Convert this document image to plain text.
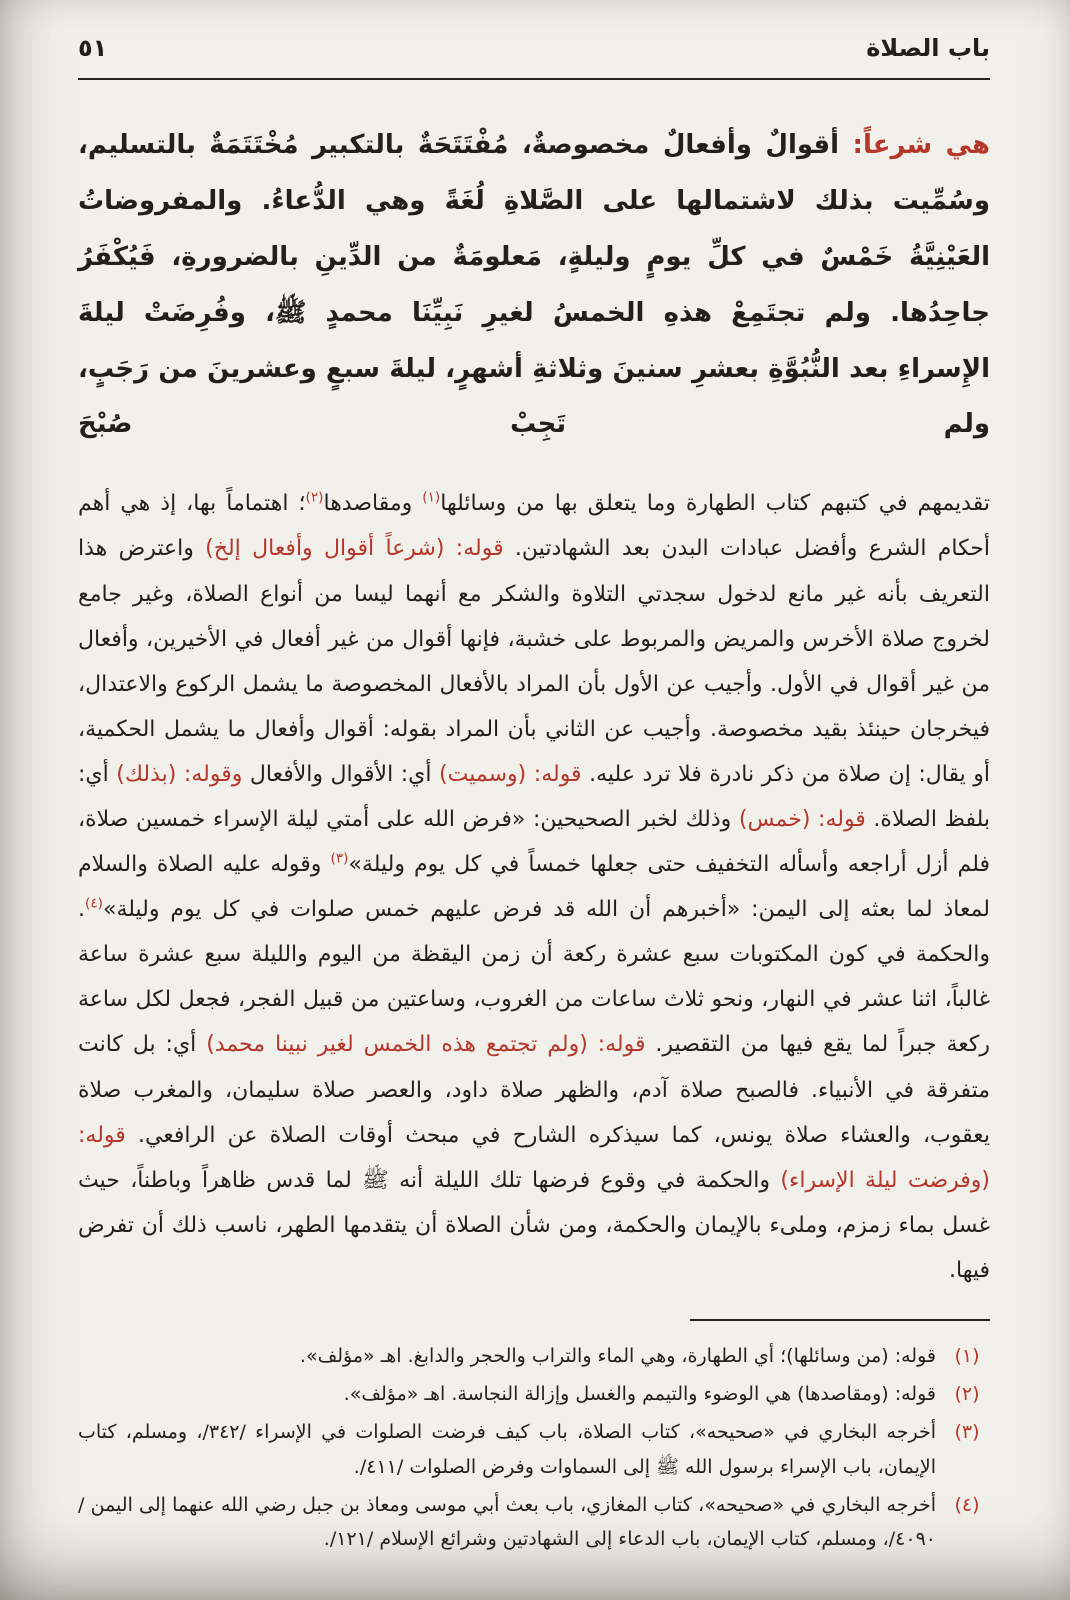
باب الصلاة
٥١

هي شرعاً: أقوالٌ وأفعالٌ مخصوصةٌ، مُفْتَتَحَةٌ بالتكبير مُخْتَتَمَةٌ بالتسليم، وسُمِّيت بذلك لاشتمالها على الصَّلاةِ لُغَةً وهي الدُّعاءُ. والمفروضاتُ العَيْنِيَّةُ خَمْسٌ في كلِّ يومٍ وليلةٍ، مَعلومَةٌ من الدِّينِ بالضرورةِ، فَيُكْفَرُ جاحِدُها. ولم تجتَمِعْ هذهِ الخمسُ لغيرِ نَبِيِّنَا محمدٍ ﷺ، وفُرِضَتْ ليلةَ الإِسراءِ بعد النُّبُوَّةِ بعشرِ سنينَ وثلاثةِ أشهرٍ، ليلةَ سبعٍ وعشرينَ من رَجَبٍ، ولم تَجِبْ صُبْحَ

تقديمهم في كتبهم كتاب الطهارة وما يتعلق بها من وسائلها$^{(١)}$ ومقاصدها$^{(٢)}$؛ اهتماماً بها، إذ هي أهم أحكام الشرع وأفضل عبادات البدن بعد الشهادتين. قوله: (شرعاً أقوال وأفعال إلخ) واعترض هذا التعريف بأنه غير مانع لدخول سجدتي التلاوة والشكر مع أنهما ليسا من أنواع الصلاة، وغير جامع لخروج صلاة الأخرس والمريض والمربوط على خشبة، فإنها أقوال من غير أفعال في الأخيرين، وأفعال من غير أقوال في الأول. وأجيب عن الأول بأن المراد بالأفعال المخصوصة ما يشمل الركوع والاعتدال، فيخرجان حينئذ بقيد مخصوصة. وأجيب عن الثاني بأن المراد بقوله: أقوال وأفعال ما يشمل الحكمية، أو يقال: إن صلاة من ذكر نادرة فلا ترد عليه. قوله: (وسميت) أي: الأقوال والأفعال وقوله: (بذلك) أي: بلفظ الصلاة. قوله: (خمس) وذلك لخبر الصحيحين: «فرض الله على أمتي ليلة الإسراء خمسين صلاة، فلم أزل أراجعه وأسأله التخفيف حتى جعلها خمساً في كل يوم وليلة»$^{(٣)}$ وقوله عليه الصلاة والسلام لمعاذ لما بعثه إلى اليمن: «أخبرهم أن الله قد فرض عليهم خمس صلوات في كل يوم وليلة»$^{(٤)}$. والحكمة في كون المكتوبات سبع عشرة ركعة أن زمن اليقظة من اليوم والليلة سبع عشرة ساعة غالباً، اثنا عشر في النهار، ونحو ثلاث ساعات من الغروب، وساعتين من قبيل الفجر، فجعل لكل ساعة ركعة جبراً لما يقع فيها من التقصير. قوله: (ولم تجتمع هذه الخمس لغير نبينا محمد) أي: بل كانت متفرقة في الأنبياء. فالصبح صلاة آدم، والظهر صلاة داود، والعصر صلاة سليمان، والمغرب صلاة يعقوب، والعشاء صلاة يونس، كما سيذكره الشارح في مبحث أوقات الصلاة عن الرافعي. قوله: (وفرضت ليلة الإسراء) والحكمة في وقوع فرضها تلك الليلة أنه ﷺ لما قدس ظاهراً وباطناً، حيث غسل بماء زمزم، وملىء بالإيمان والحكمة، ومن شأن الصلاة أن يتقدمها الطهر، ناسب ذلك أن تفرض فيها.

(١)
قوله: (من وسائلها)؛ أي الطهارة، وهي الماء والتراب والحجر والدابغ. اهـ «مؤلف».
(٢)
قوله: (ومقاصدها) هي الوضوء والتيمم والغسل وإزالة النجاسة. اهـ «مؤلف».
(٣)
أخرجه البخاري في «صحيحه»، كتاب الصلاة، باب كيف فرضت الصلوات في الإسراء /٣٤٢/، ومسلم، كتاب الإيمان، باب الإسراء برسول الله ﷺ إلى السماوات وفرض الصلوات /٤١١/.
(٤)
أخرجه البخاري في «صحيحه»، كتاب المغازي، باب بعث أبي موسى ومعاذ بن جبل رضي الله عنهما إلى اليمن /٤٠٩٠/، ومسلم، كتاب الإيمان، باب الدعاء إلى الشهادتين وشرائع الإسلام /١٢١/.
